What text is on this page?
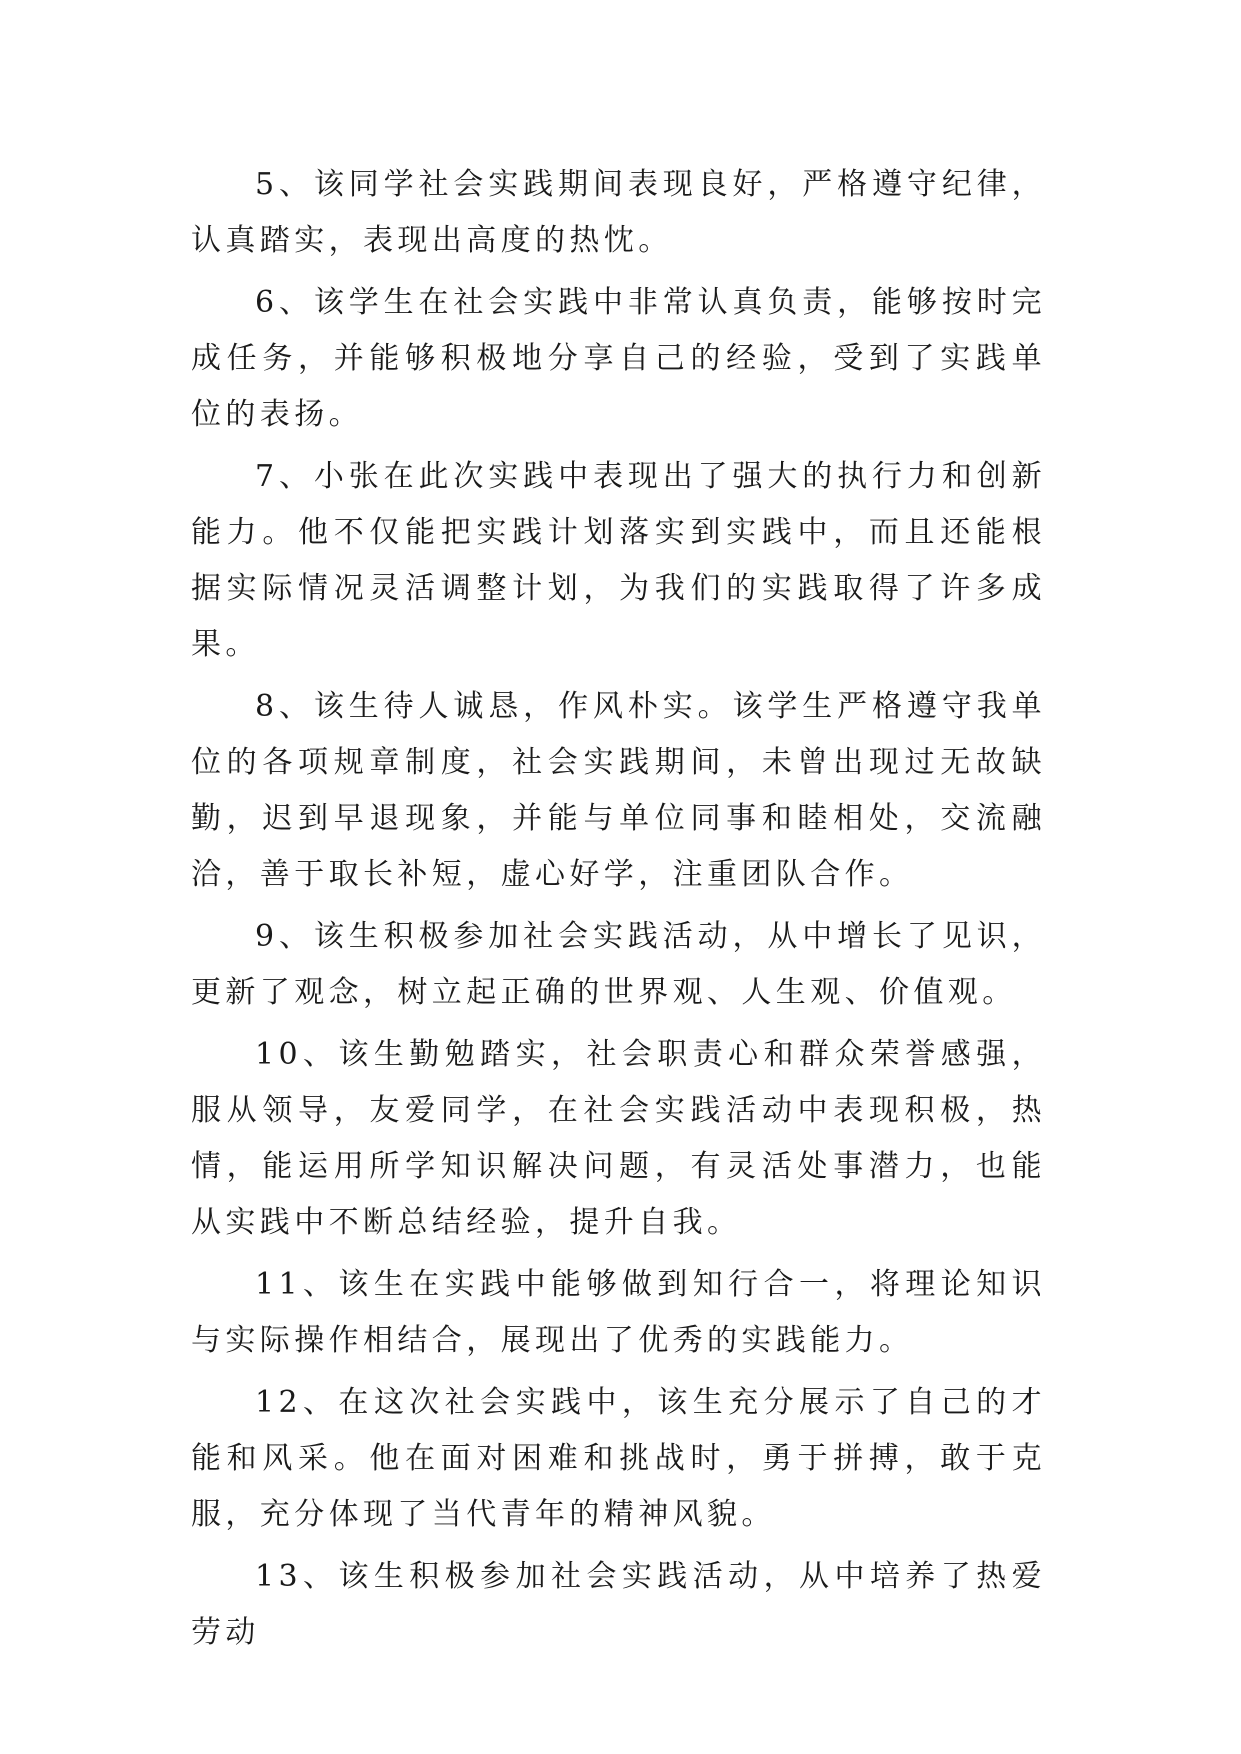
5、该同学社会实践期间表现良好，严格遵守纪律，认真踏实，表现出高度的热忱。

6、该学生在社会实践中非常认真负责，能够按时完成任务，并能够积极地分享自己的经验，受到了实践单位的表扬。

7、小张在此次实践中表现出了强大的执行力和创新能力。他不仅能把实践计划落实到实践中，而且还能根据实际情况灵活调整计划，为我们的实践取得了许多成果。

8、该生待人诚恳，作风朴实。该学生严格遵守我单位的各项规章制度，社会实践期间，未曾出现过无故缺勤，迟到早退现象，并能与单位同事和睦相处，交流融洽，善于取长补短，虚心好学，注重团队合作。

9、该生积极参加社会实践活动，从中增长了见识，更新了观念，树立起正确的世界观、人生观、价值观。

10、该生勤勉踏实，社会职责心和群众荣誉感强，服从领导，友爱同学，在社会实践活动中表现积极，热情，能运用所学知识解决问题，有灵活处事潜力，也能从实践中不断总结经验，提升自我。

11、该生在实践中能够做到知行合一，将理论知识与实际操作相结合，展现出了优秀的实践能力。

12、在这次社会实践中，该生充分展示了自己的才能和风采。他在面对困难和挑战时，勇于拼搏，敢于克服，充分体现了当代青年的精神风貌。

13、该生积极参加社会实践活动，从中培养了热爱劳动
